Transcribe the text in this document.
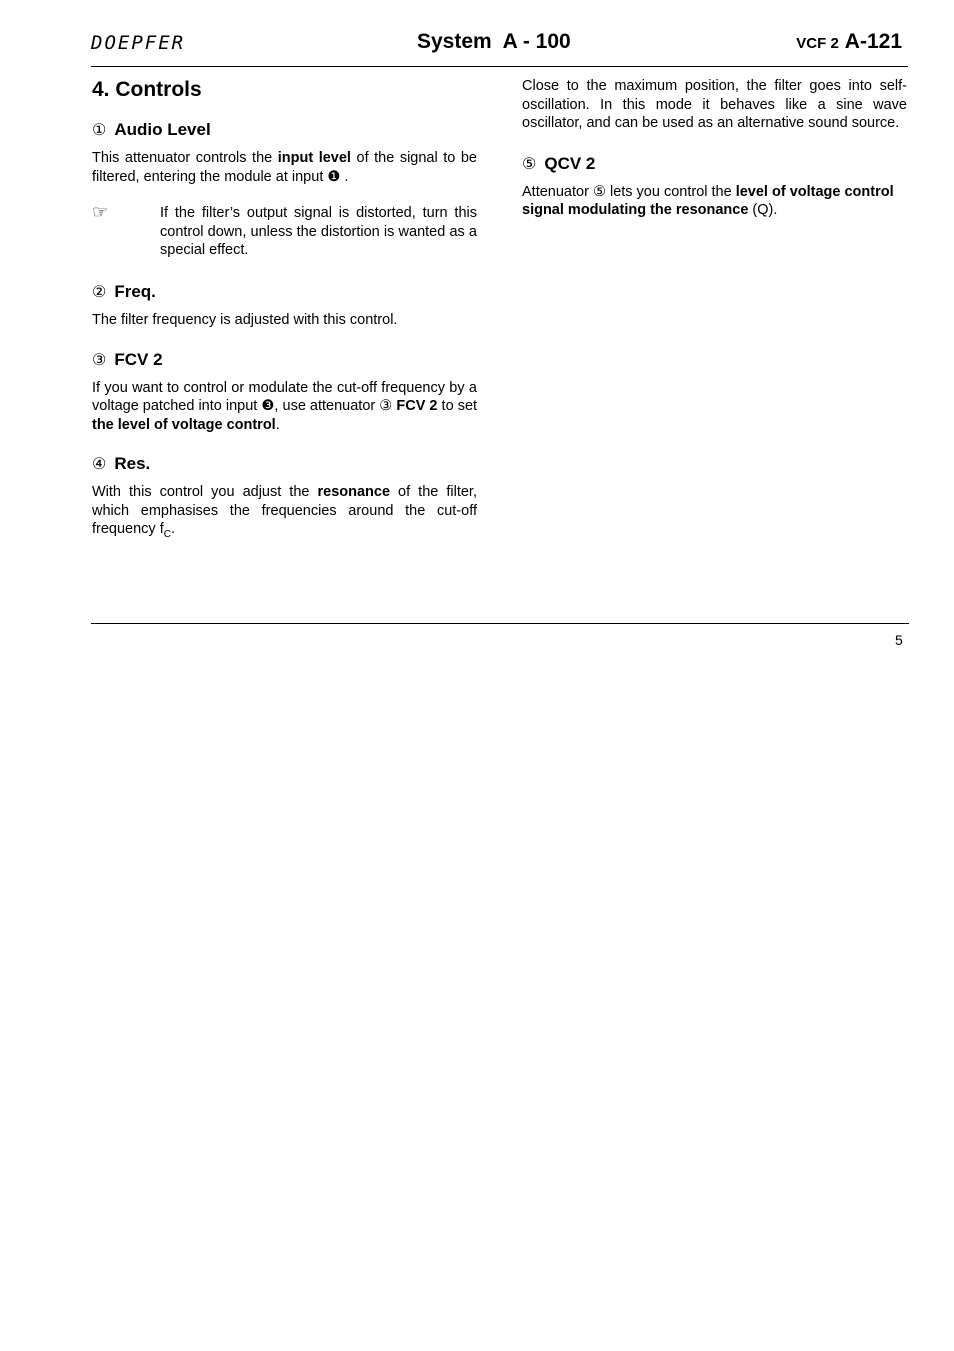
DOEPFER	System  A - 100	VCF 2 A-121
4. Controls
① Audio Level

This attenuator controls the input level of the signal to be filtered, entering the module at input ❶ .

☞	If the filter’s output signal is distorted, turn this control down, unless the distortion is wanted as a special effect.

② Freq.

The filter frequency is adjusted with this control.

③ FCV 2

If you want to control or modulate the cut-off frequency by a voltage patched into input ❸, use attenuator ③ FCV 2 to set the level of voltage control.

④ Res.

With this control you adjust the resonance of the filter, which emphasises the frequencies around the cut-off frequency $f_C$.

Close to the maximum position, the filter goes into self-oscillation. In this mode it behaves like a sine wave oscillator, and can be used as an alternative sound source.

⑤ QCV 2

Attenuator ⑤ lets you control the level of voltage control signal modulating the resonance (Q).

5
